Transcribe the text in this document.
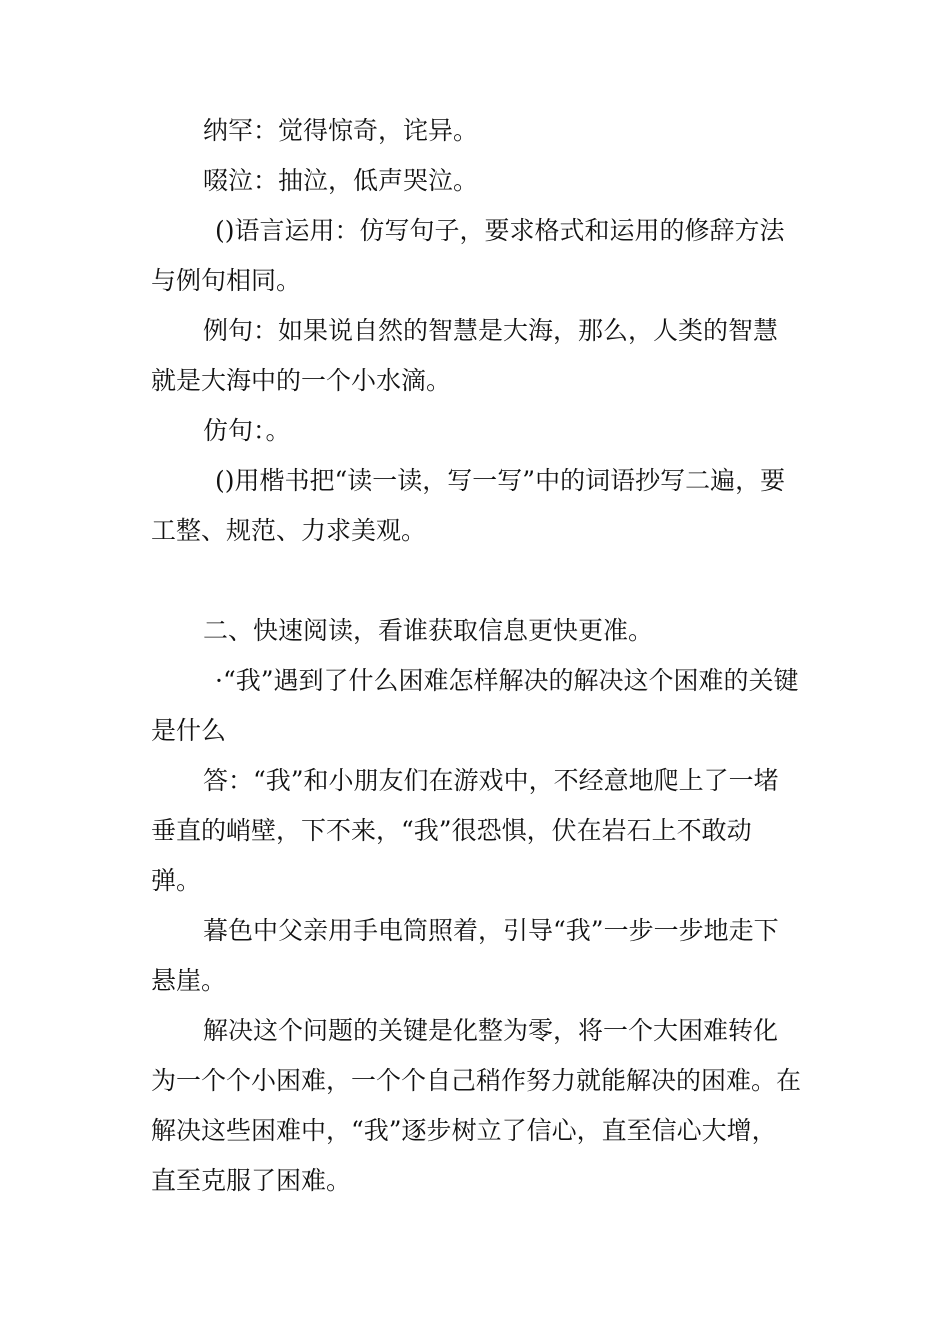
纳罕：觉得惊奇，诧异。

啜泣：抽泣，低声哭泣。

()语言运用：仿写句子，要求格式和运用的修辞方法与例句相同。

例句：如果说自然的智慧是大海，那么，人类的智慧就是大海中的一个小水滴。

仿句：。

()用楷书把“读一读，写一写”中的词语抄写二遍，要工整、规范、力求美观。

二、快速阅读，看谁获取信息更快更准。

·“我”遇到了什么困难怎样解决的解决这个困难的关键是什么

答：“我”和小朋友们在游戏中，不经意地爬上了一堵垂直的峭壁，下不来，“我”很恐惧，伏在岩石上不敢动弹。

暮色中父亲用手电筒照着，引导“我”一步一步地走下悬崖。

解决这个问题的关键是化整为零，将一个大困难转化为一个个小困难，一个个自己稍作努力就能解决的困难。在解决这些困难中，“我”逐步树立了信心，直至信心大增，直至克服了困难。
